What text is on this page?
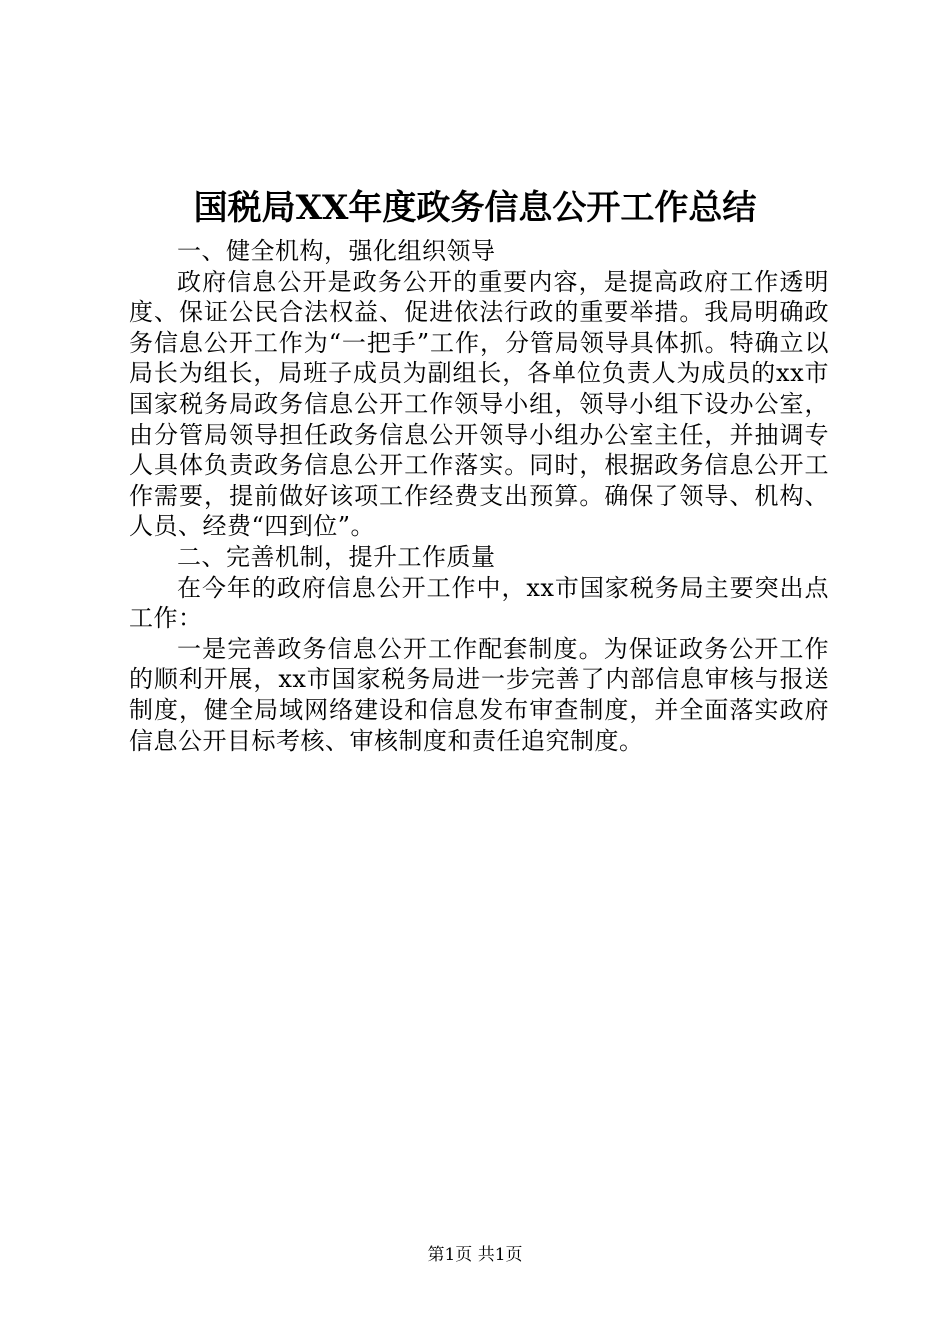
国税局XX年度政务信息公开工作总结

一、健全机构，强化组织领导

政府信息公开是政务公开的重要内容，是提高政府工作透明度、保证公民合法权益、促进依法行政的重要举措。我局明确政务信息公开工作为“一把手”工作，分管局领导具体抓。特确立以局长为组长，局班子成员为副组长，各单位负责人为成员的xx市国家税务局政务信息公开工作领导小组，领导小组下设办公室，由分管局领导担任政务信息公开领导小组办公室主任，并抽调专人具体负责政务信息公开工作落实。同时，根据政务信息公开工作需要，提前做好该项工作经费支出预算。确保了领导、机构、人员、经费“四到位”。

二、完善机制，提升工作质量

在今年的政府信息公开工作中，xx市国家税务局主要突出点工作：

一是完善政务信息公开工作配套制度。为保证政务公开工作的顺利开展，xx市国家税务局进一步完善了内部信息审核与报送制度，健全局域网络建设和信息发布审查制度，并全面落实政府信息公开目标考核、审核制度和责任追究制度。

第1页 共1页
